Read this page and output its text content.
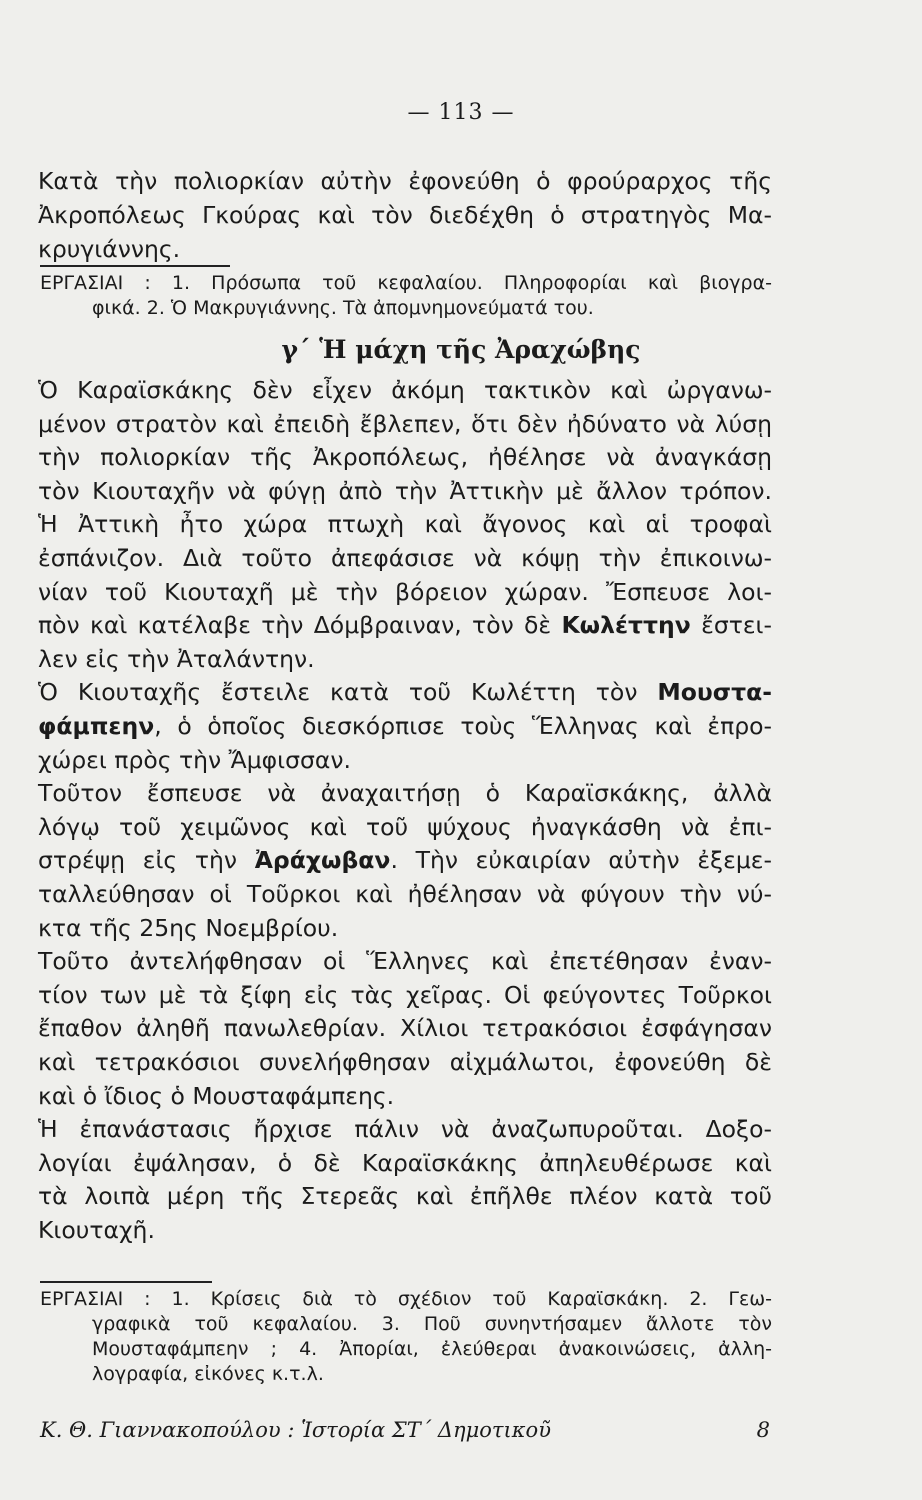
— 113 —
Κατὰ τὴν πολιορκίαν αὐτὴν ἐφονεύθη ὁ φρούραρχος τῆς
Ἀκροπόλεως Γκούρας καὶ τὸν διεδέχθη ὁ στρατηγὸς Μα-
κρυγιάννης.
ΕΡΓΑΣΙΑΙ : 1. Πρόσωπα τοῦ κεφαλαίου. Πληροφορίαι καὶ βιογρα-
φικά. 2. Ὁ Μακρυγιάννης. Τὰ ἀπομνημονεύματά του.
γ΄ Ἡ μάχη τῆς Ἀραχώβης
Ὁ Καραϊσκάκης δὲν εἶχεν ἀκόμη τακτικὸν καὶ ὠργανω-
μένον στρατὸν καὶ ἐπειδὴ ἔβλεπεν, ὅτι δὲν ἠδύνατο νὰ λύσῃ
τὴν πολιορκίαν τῆς Ἀκροπόλεως, ἠθέλησε νὰ ἀναγκάσῃ
τὸν Κιουταχῆν νὰ φύγῃ ἀπὸ τὴν Ἀττικὴν μὲ ἄλλον τρόπον.
Ἡ Ἀττικὴ ἦτο χώρα πτωχὴ καὶ ἄγονος καὶ αἱ τροφαὶ
ἐσπάνιζον. Διὰ τοῦτο ἀπεφάσισε νὰ κόψῃ τὴν ἐπικοινω-
νίαν τοῦ Κιουταχῆ μὲ τὴν βόρειον χώραν. Ἔσπευσε λοι-
πὸν καὶ κατέλαβε τὴν Δόμβραιναν, τὸν δὲ Κωλέττην ἔστει-
λεν εἰς τὴν Ἀταλάντην.
Ὁ Κιουταχῆς ἔστειλε κατὰ τοῦ Κωλέττη τὸν Μουστα-
φάμπεην, ὁ ὁποῖος διεσκόρπισε τοὺς Ἕλληνας καὶ ἐπρο-
χώρει πρὸς τὴν Ἄμφισσαν.
Τοῦτον ἔσπευσε νὰ ἀναχαιτήσῃ ὁ Καραϊσκάκης, ἀλλὰ
λόγῳ τοῦ χειμῶνος καὶ τοῦ ψύχους ἠναγκάσθη νὰ ἐπι-
στρέψῃ εἰς τὴν Ἀράχωβαν. Τὴν εὐκαιρίαν αὐτὴν ἐξεμε-
ταλλεύθησαν οἱ Τοῦρκοι καὶ ἠθέλησαν νὰ φύγουν τὴν νύ-
κτα τῆς 25ης Νοεμβρίου.
Τοῦτο ἀντελήφθησαν οἱ Ἕλληνες καὶ ἐπετέθησαν ἐναν-
τίον των μὲ τὰ ξίφη εἰς τὰς χεῖρας. Οἱ φεύγοντες Τοῦρκοι
ἔπαθον ἀληθῆ πανωλεθρίαν. Χίλιοι τετρακόσιοι ἐσφάγησαν
καὶ τετρακόσιοι συνελήφθησαν αἰχμάλωτοι, ἐφονεύθη δὲ
καὶ ὁ ἴδιος ὁ Μουσταφάμπεης.
Ἡ ἐπανάστασις ἤρχισε πάλιν νὰ ἀναζωπυροῦται. Δοξο-
λογίαι ἐψάλησαν, ὁ δὲ Καραϊσκάκης ἀπηλευθέρωσε καὶ
τὰ λοιπὰ μέρη τῆς Στερεᾶς καὶ ἐπῆλθε πλέον κατὰ τοῦ
Κιουταχῆ.
ΕΡΓΑΣΙΑΙ : 1. Κρίσεις διὰ τὸ σχέδιον τοῦ Καραϊσκάκη. 2. Γεω-
γραφικὰ τοῦ κεφαλαίου. 3. Ποῦ συνηντήσαμεν ἄλλοτε τὸν
Μουσταφάμπεην ; 4. Ἀπορίαι, ἐλεύθεραι ἀνακοινώσεις, ἀλλη-
λογραφία, εἰκόνες κ.τ.λ.
Κ. Θ. Γιαννακοπούλου : Ἱστορία ΣΤ΄ Δημοτικοῦ	8
